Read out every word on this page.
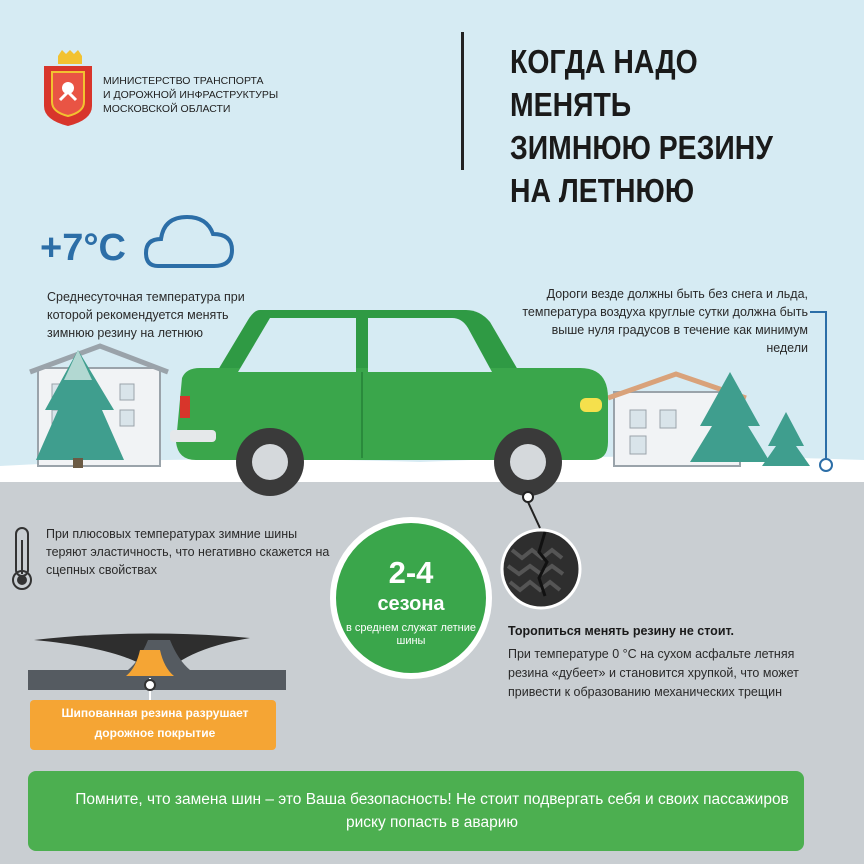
МИНИСТЕРСТВО ТРАНСПОРТА
И ДОРОЖНОЙ ИНФРАСТРУКТУРЫ
МОСКОВСКОЙ ОБЛАСТИ
КОГДА НАДО МЕНЯТЬ
ЗИМНЮЮ РЕЗИНУ
НА ЛЕТНЮЮ
+7°С
Среднесуточная температура при которой рекомендуется менять зимнюю резину на летнюю
Дороги везде должны быть без снега и льда, температура воздуха круглые сутки должна быть выше нуля градусов в течение как минимум недели
При плюсовых температурах зимние шины теряют эластичность, что негативно скажется на сцепных свойствах	2-4
сезона
в среднем служат летние шины
Торопиться менять резину не стоит.
При температуре 0 °С на сухом асфальте летняя резина «дубеет» и становится хрупкой, что может привести к образованию механических трещин
Шипованная резина разрушает дорожное покрытие
Помните, что замена шин – это Ваша безопасность! Не стоит подвергать себя и своих пассажиров риску попасть в аварию
